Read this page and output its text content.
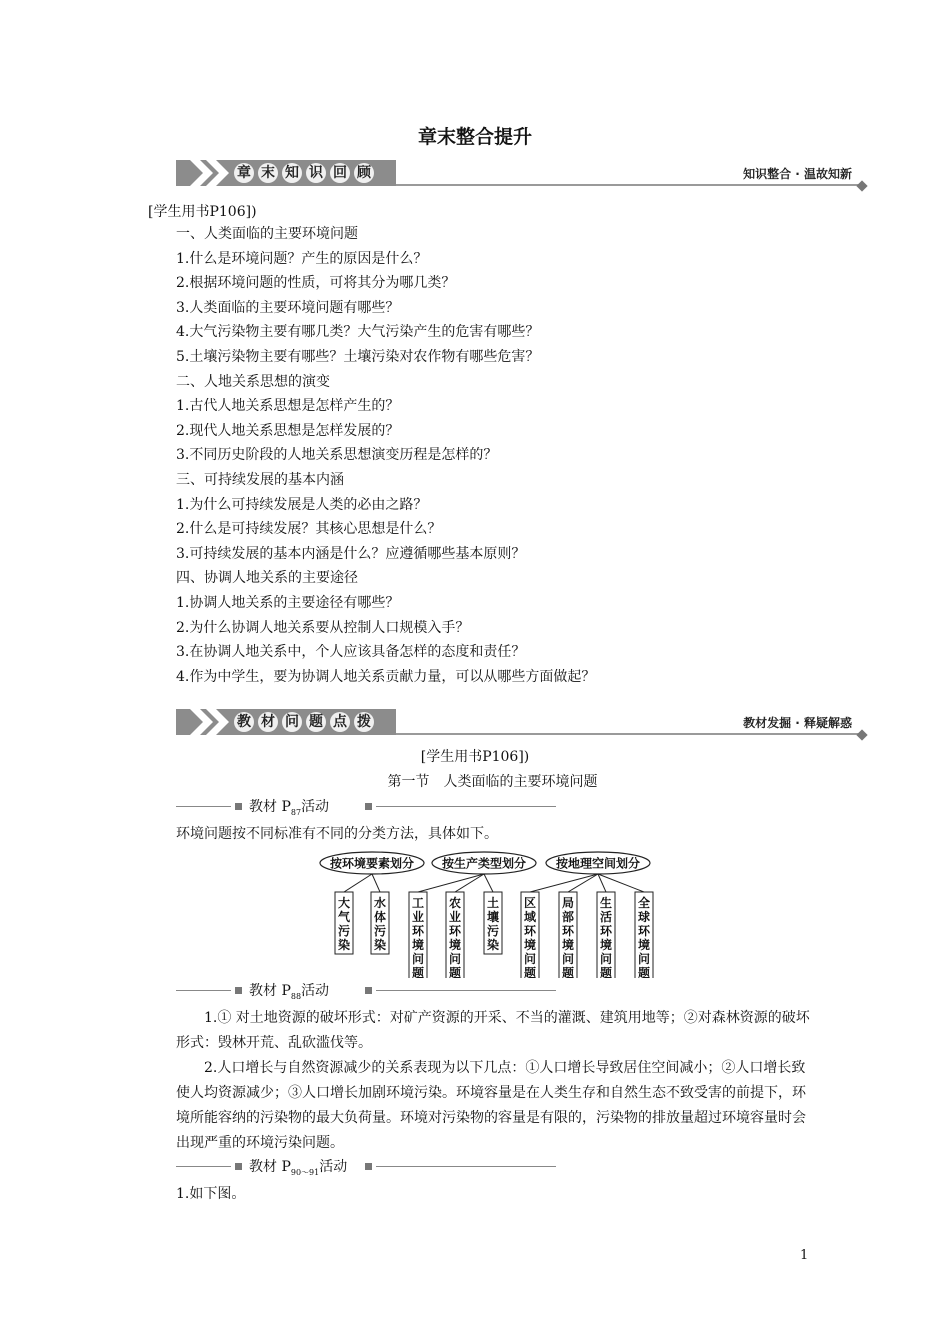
章末整合提升
章 末 知 识 回 顾	知识整合 · 温故知新
[学生用书P106])
一、人类面临的主要环境问题
1.什么是环境问题？产生的原因是什么？
2.根据环境问题的性质，可将其分为哪几类？
3.人类面临的主要环境问题有哪些？
4.大气污染物主要有哪几类？大气污染产生的危害有哪些？
5.土壤污染物主要有哪些？土壤污染对农作物有哪些危害？
二、人地关系思想的演变
1.古代人地关系思想是怎样产生的？
2.现代人地关系思想是怎样发展的？
3.不同历史阶段的人地关系思想演变历程是怎样的？
三、可持续发展的基本内涵
1.为什么可持续发展是人类的必由之路？
2.什么是可持续发展？其核心思想是什么？
3.可持续发展的基本内涵是什么？应遵循哪些基本原则？
四、协调人地关系的主要途径
1.协调人地关系的主要途径有哪些？
2.为什么协调人地关系要从控制人口规模入手？
3.在协调人地关系中，个人应该具备怎样的态度和责任？
4.作为中学生，要为协调人地关系贡献力量，可以从哪些方面做起？
教 材 问 题 点 拨	教材发掘 · 释疑解惑
[学生用书P106])
第一节　人类面临的主要环境问题
教材 $P_{87}$活动
环境问题按不同标准有不同的分类方法，具体如下。
按环境要素划分 按生产类型划分 按地理空间划分
大气污染
水体污染
工业环境问题
农业环境问题
土壤污染
区域环境问题
局部环境问题
生活环境问题
全球环境问题
教材 $P_{88}$活动
1.① 对土地资源的破坏形式：对矿产资源的开采、不当的灌溉、建筑用地等；②对森林资源的破坏形式：毁林开荒、乱砍滥伐等。
2.人口增长与自然资源减少的关系表现为以下几点：①人口增长导致居住空间减小；②人口增长致使人均资源减少；③人口增长加剧环境污染。环境容量是在人类生存和自然生态不致受害的前提下，环境所能容纳的污染物的最大负荷量。环境对污染物的容量是有限的，污染物的排放量超过环境容量时会出现严重的环境污染问题。
教材 $P_{90\sim 91}$活动
1.如下图。
1
